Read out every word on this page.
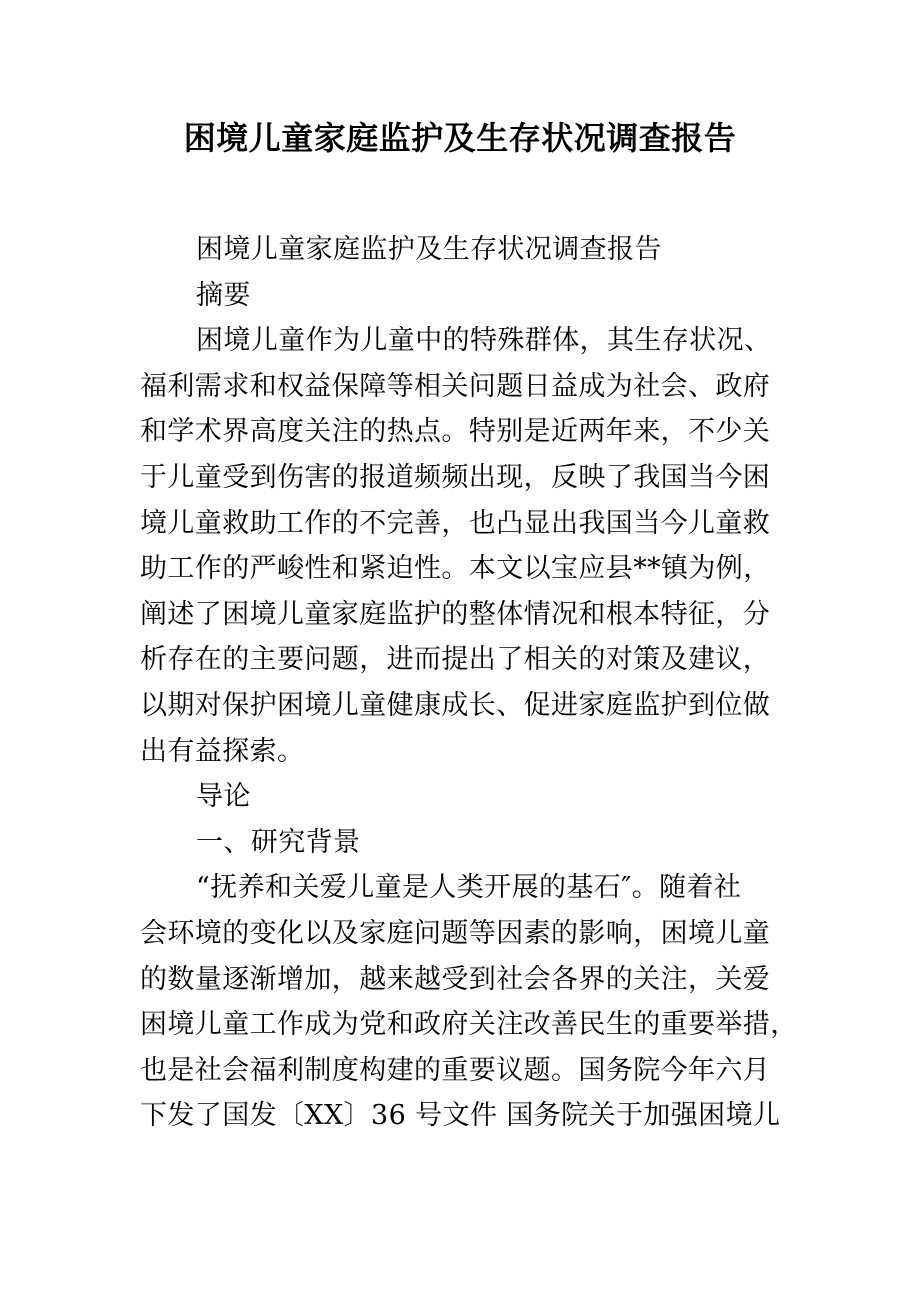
困境儿童家庭监护及生存状况调查报告
困境儿童家庭监护及生存状况调查报告
摘要
困境儿童作为儿童中的特殊群体，其生存状况、
福利需求和权益保障等相关问题日益成为社会、政府
和学术界高度关注的热点。特别是近两年来，不少关
于儿童受到伤害的报道频频出现，反映了我国当今困
境儿童救助工作的不完善，也凸显出我国当今儿童救
助工作的严峻性和紧迫性。本文以宝应县**镇为例，
阐述了困境儿童家庭监护的整体情况和根本特征，分
析存在的主要问题，进而提出了相关的对策及建议，
以期对保护困境儿童健康成长、促进家庭监护到位做
出有益探索。
导论
一、研究背景
“抚养和关爱儿童是人类开展的基石″。随着社
会环境的变化以及家庭问题等因素的影响，困境儿童
的数量逐渐增加，越来越受到社会各界的关注，关爱
困境儿童工作成为党和政府关注改善民生的重要举措，
也是社会福利制度构建的重要议题。国务院今年六月
下发了国发〔XX〕36 号文件 国务院关于加强困境儿
